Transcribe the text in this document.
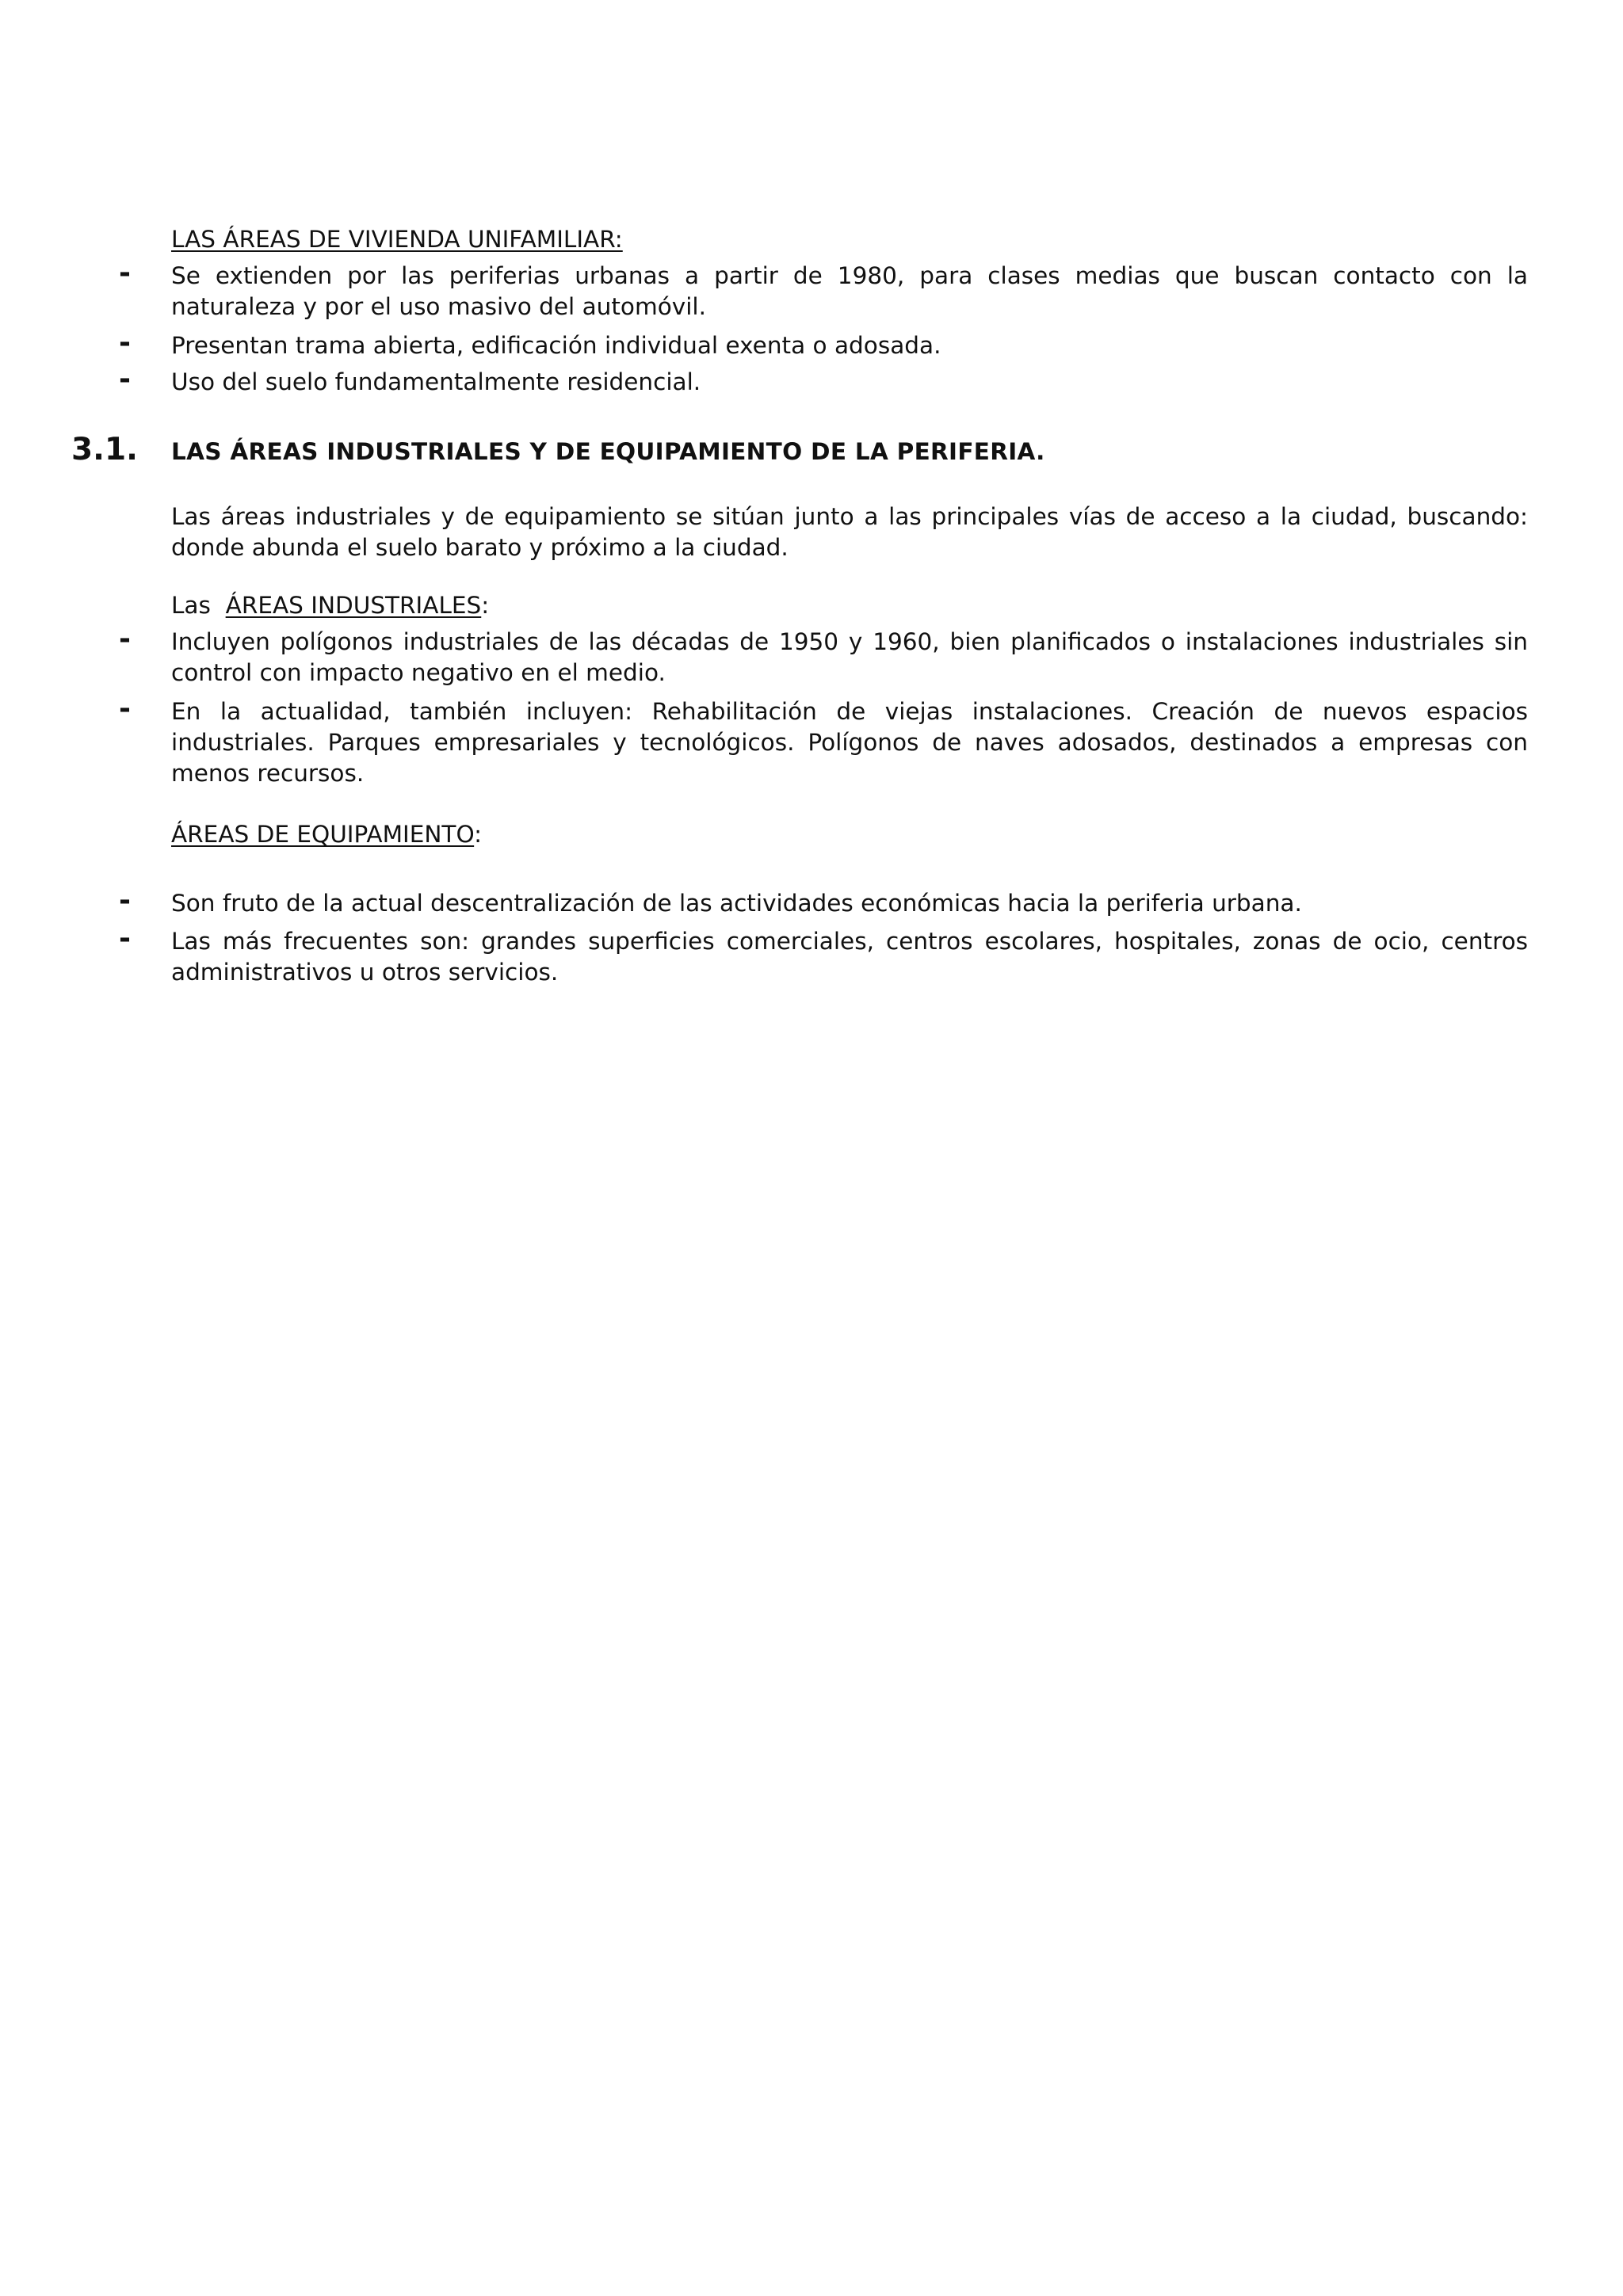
LAS ÁREAS DE VIVIENDA UNIFAMILIAR:
- Se extienden por las periferias urbanas a partir de 1980, para clases medias que buscan contacto con la naturaleza y por el uso masivo del automóvil.
- Presentan trama abierta, edificación individual exenta o adosada.
- Uso del suelo fundamentalmente residencial.
3.1. LAS ÁREAS INDUSTRIALES Y DE EQUIPAMIENTO DE LA PERIFERIA.
Las áreas industriales y de equipamiento se sitúan junto a las principales vías de acceso a la ciudad, buscando: donde abunda el suelo barato y próximo a la ciudad.
Las  ÁREAS INDUSTRIALES:
- Incluyen polígonos industriales de las décadas de 1950 y 1960, bien planificados o instalaciones industriales sin control con impacto negativo en el medio.
- En la actualidad, también incluyen: Rehabilitación de viejas instalaciones. Creación de nuevos espacios industriales. Parques empresariales y tecnológicos. Polígonos de naves adosados, destinados a empresas con menos recursos.
ÁREAS DE EQUIPAMIENTO:
- Son fruto de la actual descentralización de las actividades económicas hacia la periferia urbana.
- Las más frecuentes son: grandes superficies comerciales, centros escolares, hospitales, zonas de ocio, centros administrativos u otros servicios.
